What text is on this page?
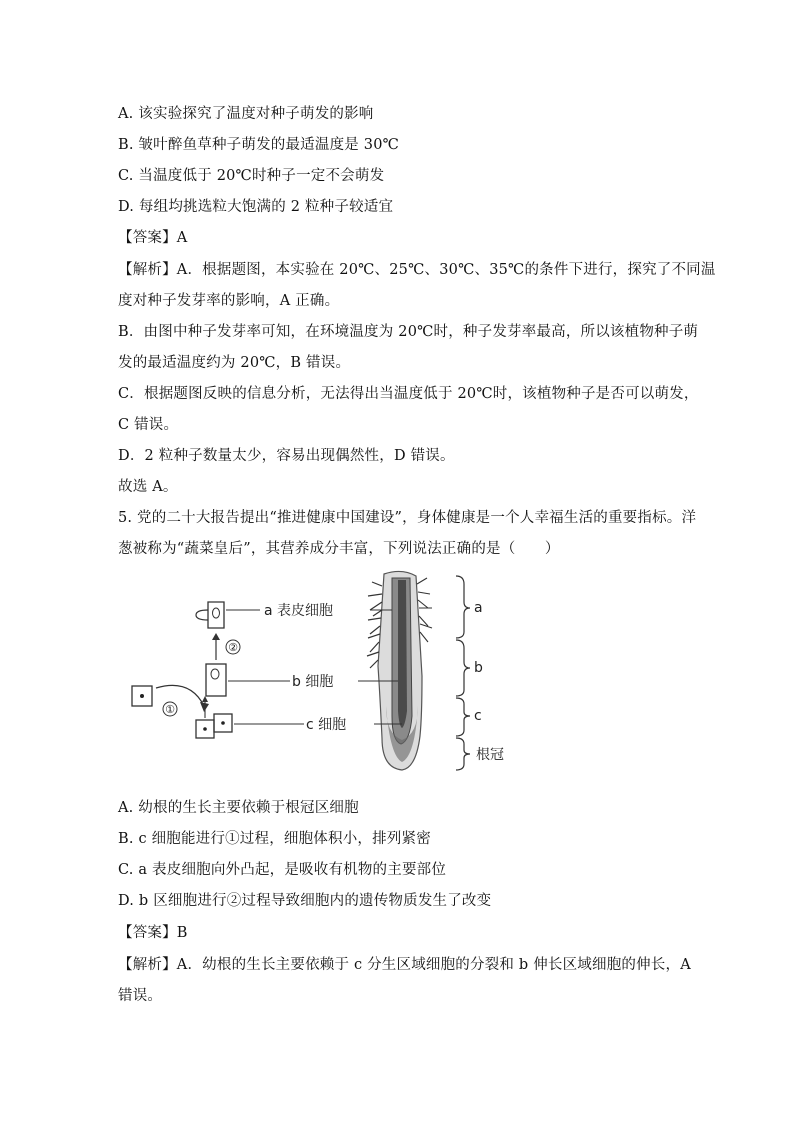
A. 该实验探究了温度对种子萌发的影响
B. 皱叶醉鱼草种子萌发的最适温度是 30℃
C. 当温度低于 20℃时种子一定不会萌发
D. 每组均挑选粒大饱满的 2 粒种子较适宜
【答案】A
【解析】A．根据题图，本实验在 20℃、25℃、30℃、35℃的条件下进行，探究了不同温
度对种子发芽率的影响，A 正确。
B．由图中种子发芽率可知，在环境温度为 20℃时，种子发芽率最高，所以该植物种子萌
发的最适温度约为 20℃，B 错误。
C．根据题图反映的信息分析，无法得出当温度低于 20℃时，该植物种子是否可以萌发，
C 错误。
D．2 粒种子数量太少，容易出现偶然性，D 错误。
故选 A。
5. 党的二十大报告提出“推进健康中国建设”，身体健康是一个人幸福生活的重要指标。洋
葱被称为“蔬菜皇后”，其营养成分丰富，下列说法正确的是（　　）
①
②
a 表皮细胞
b 细胞
c 细胞
a
b
c
根冠
A. 幼根的生长主要依赖于根冠区细胞
B. c 细胞能进行①过程，细胞体积小，排列紧密
C. a 表皮细胞向外凸起，是吸收有机物的主要部位
D. b 区细胞进行②过程导致细胞内的遗传物质发生了改变
【答案】B
【解析】A．幼根的生长主要依赖于 c 分生区域细胞的分裂和 b 伸长区域细胞的伸长，A
错误。
